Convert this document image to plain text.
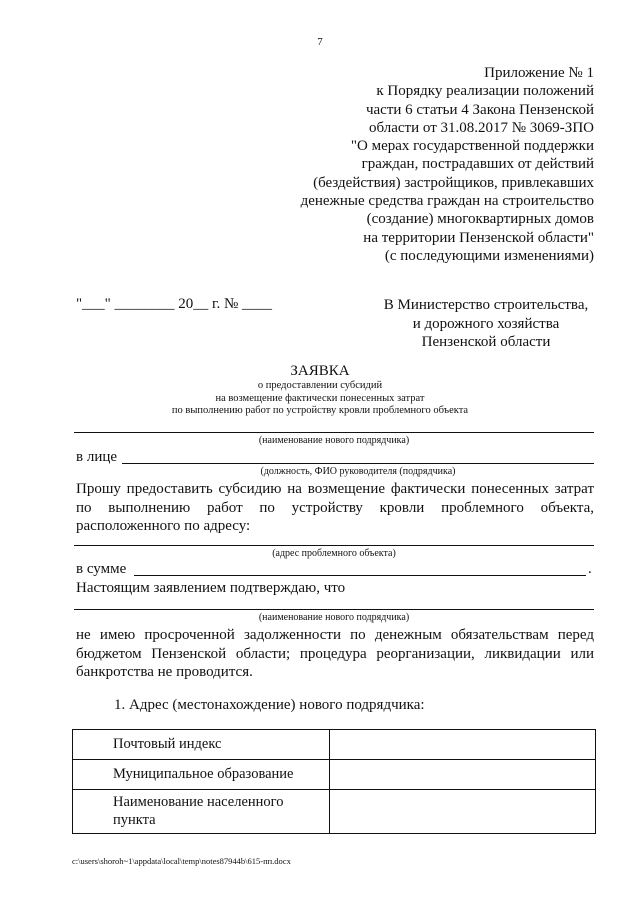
7
Приложение № 1
к Порядку реализации положений
части 6 статьи 4 Закона Пензенской
области от 31.08.2017 № 3069-ЗПО
"О мерах государственной поддержки
граждан, пострадавших от действий
(бездействия) застройщиков, привлекавших
денежные средства граждан на строительство
(создание) многоквартирных домов
на территории Пензенской области"
(с последующими изменениями)
"___" ________ 20__ г. № ____	В Министерство строительства,
и дорожного хозяйства
Пензенской области
ЗАЯВКА
о предоставлении субсидий
на возмещение фактически понесенных затрат
по выполнению работ по устройству кровли проблемного объекта
(наименование нового подрядчика)
в лице
(должность, ФИО руководителя (подрядчика)
Прошу предоставить субсидию на возмещение фактически понесенных затрат
по выполнению работ по устройству кровли проблемного объекта,
расположенного по адресу:
(адрес проблемного объекта)
в сумме	.
Настоящим заявлением подтверждаю, что
(наименование нового подрядчика)
не имею просроченной задолженности по денежным обязательствам перед
бюджетом Пензенской области; процедура реорганизации, ликвидации или
банкротства не проводится.
1. Адрес (местонахождение) нового подрядчика:
Почтовый индекс	
Муниципальное образование	
Наименование населенного пункта	
c:\users\shoroh~1\appdata\local\temp\notes87944b\615-пп.docx
